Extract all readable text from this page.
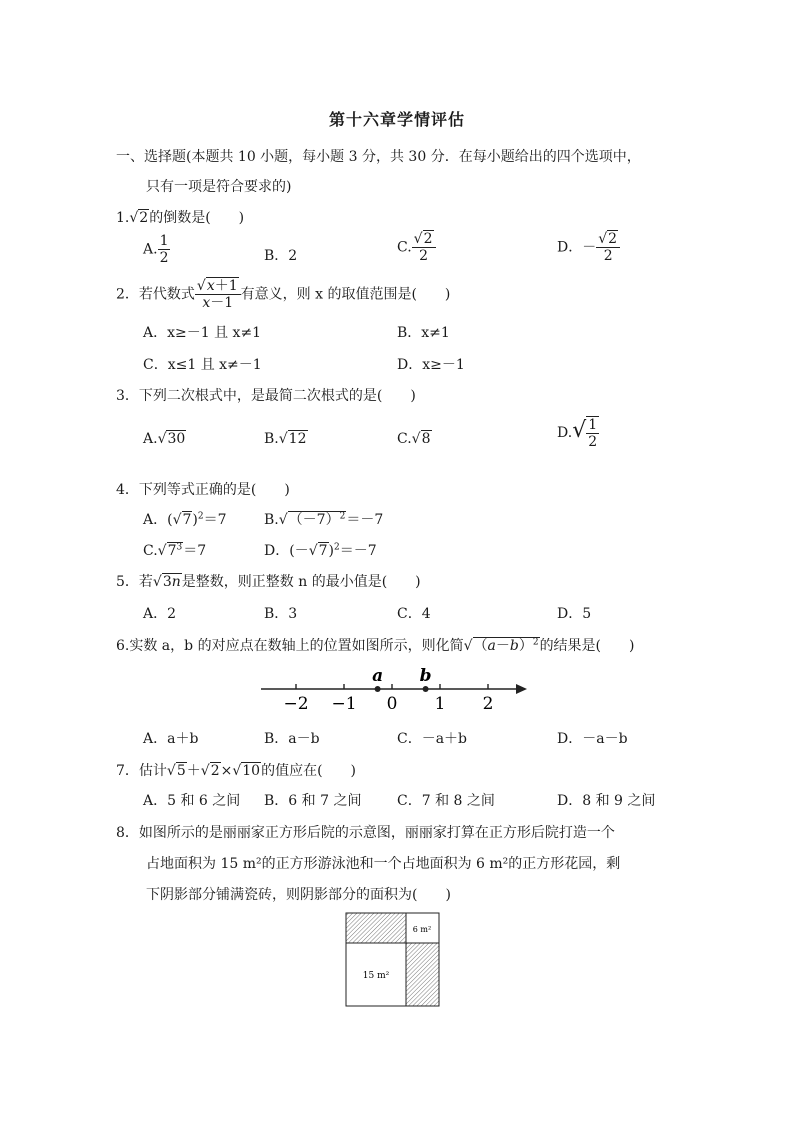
第十六章学情评估
一、选择题(本题共 10 小题，每小题 3 分，共 30 分．在每小题给出的四个选项中，
只有一项是符合要求的)
1.√2的倒数是(　　)
A. $\frac{1}{2}$	B．2
C. $\frac{√2}{2}$	D．－ $\frac{√2}{2}$
2．若代数式 $\frac{√x+1}{x-1}$ 有意义，则 x 的取值范围是(　　)
A．x≥－1 且 x≠1	B．x≠1
C．x≤1 且 x≠－1	D．x≥－1
3．下列二次根式中，是最简二次根式的是(　　)
A.√30	B.√12	C.√8	$D.√ \frac{1}{2}$
4．下列等式正确的是(　　)
A．$(√7)^2=7$	$B.√(-7)^2=-7$
$C.√7^3=7$	D．$(-√7)^2=-7$
5．若√3n是整数，则正整数 n 的最小值是(　　)
A．2	B．3	C．4	D．5
6.实数 a，b 的对应点在数轴上的位置如图所示，则化简$√(a-b)^2$的结果是(　　)
−2 −1 0 1 2
a b
A．a＋b	B．a－b	C．－a＋b	D．－a－b
7．估计√5＋√2×√10的值应在(　　)
A．5 和 6 之间 B．6 和 7 之间	C．7 和 8 之间	D．8 和 9 之间
8．如图所示的是丽丽家正方形后院的示意图，丽丽家打算在正方形后院打造一个
占地面积为 15 m²的正方形游泳池和一个占地面积为 6 m²的正方形花园，剩
下阴影部分铺满瓷砖，则阴影部分的面积为(　　)
6 m²
15 m²
